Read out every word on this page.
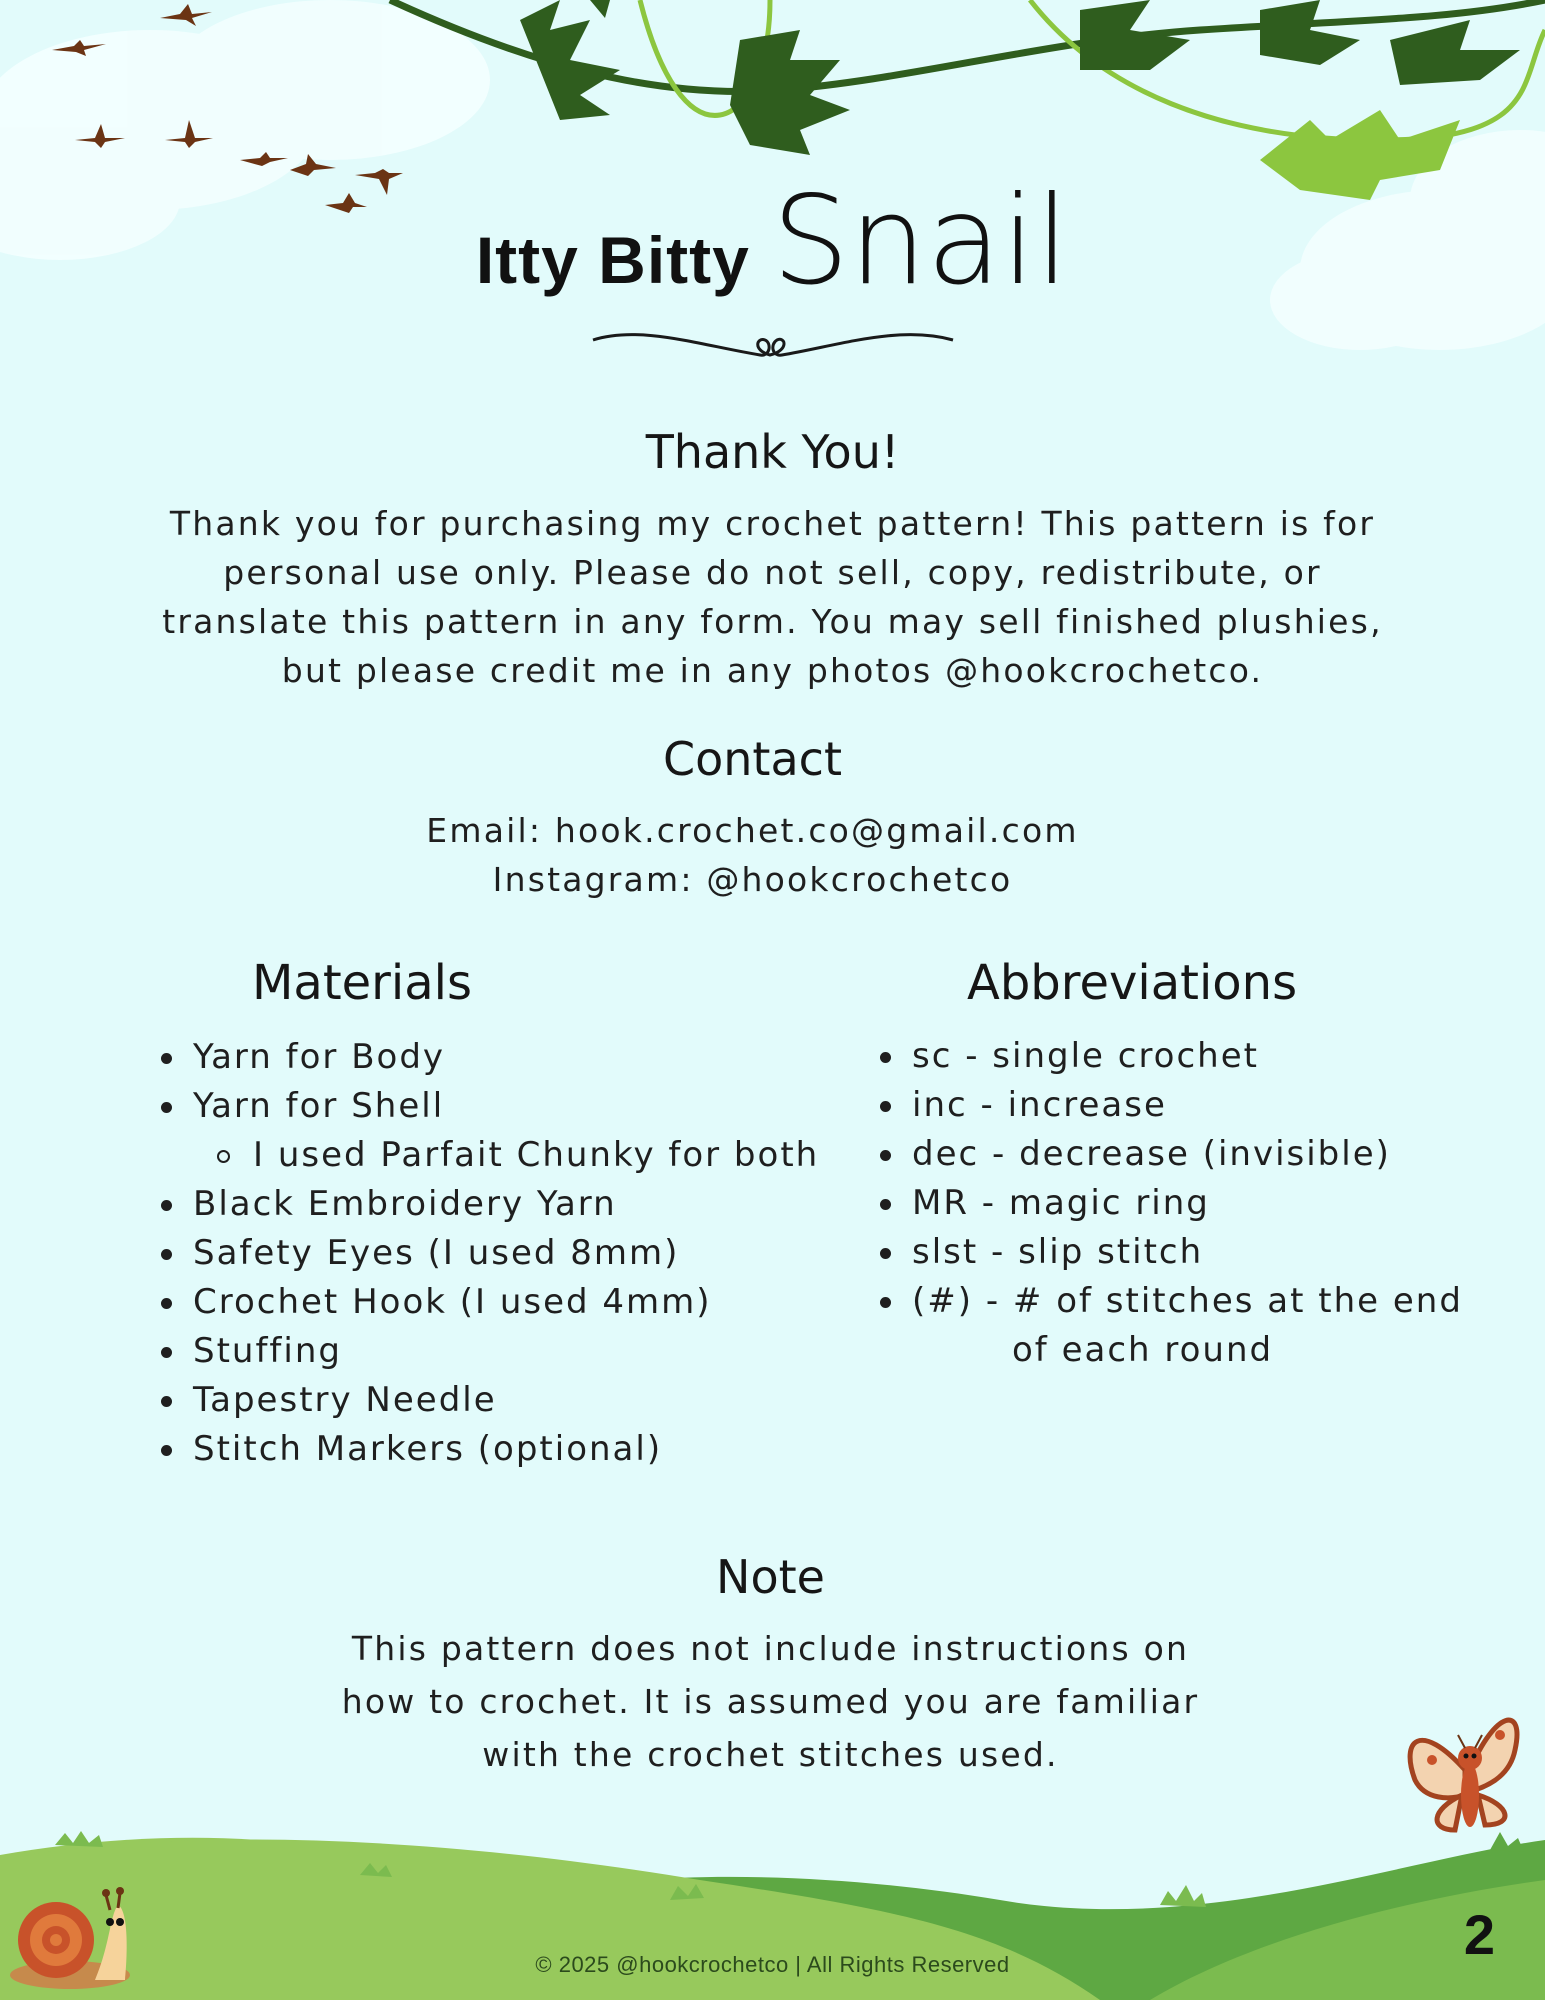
Itty Bitty Snail
Thank You!

Thank you for purchasing my crochet pattern! This pattern is for

personal use only. Please do not sell, copy, redistribute, or

translate this pattern in any form. You may sell finished plushies,

but please credit me in any photos @hookcrochetco.

Contact

Email: hook.crochet.co@gmail.com

Instagram: @hookcrochetco

Materials
Yarn for Body
Yarn for Shell
I used Parfait Chunky for both
Black Embroidery Yarn
Safety Eyes (I used 8mm)
Crochet Hook (I used 4mm)
Stuffing
Tapestry Needle
Stitch Markers (optional)
Abbreviations
sc - single crochet
inc - increase
dec - decrease (invisible)
MR - magic ring
slst - slip stitch
(#) - # of stitches at the end
of each round
Note

This pattern does not include instructions on

how to crochet. It is assumed you are familiar

with the crochet stitches used.

© 2025 @hookcrochetco | All Rights Reserved	2
